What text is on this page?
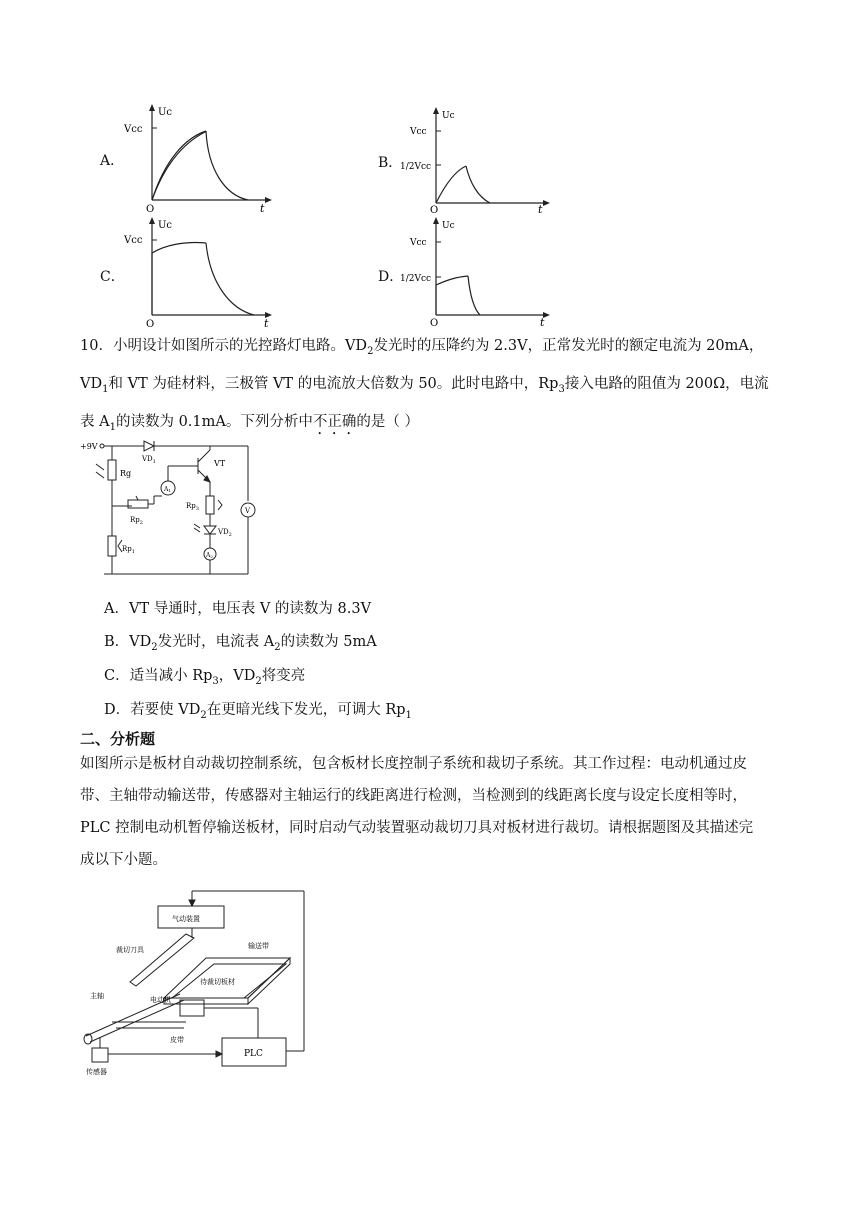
A．
Uc
Vcc
O	t
B．
Uc
Vcc
1/2Vcc
O	t
C．
Uc
Vcc
O	t
D．
Uc
Vcc
1/2Vcc
O	t
10．小明设计如图所示的光控路灯电路。$VD_2$发光时的压降约为 2.3V，正常发光时的额定电流为 20mA，
$VD_1$和 VT 为硅材料，三极管 VT 的电流放大倍数为 50。此时电路中，$Rp_3$接入电路的阻值为 200Ω，电流
表 $A_1$的读数为 0.1mA。下列分析中不正确的是（ ）
+9V
Rg
$VD_1$	VT
A1
$Rp_2$
$Rp_3$
$VD_2$
A2
$Rp_1$
V
A．VT 导通时，电压表 V 的读数为 8.3V
B．$VD_2$发光时，电流表 $A_2$的读数为 5mA
C．适当减小 $Rp_3$，$VD_2$将变亮
D．若要使 $VD_2$在更暗光线下发光，可调大 $Rp_1$
二、分析题
如图所示是板材自动裁切控制系统，包含板材长度控制子系统和裁切子系统。其工作过程：电动机通过皮
带、主轴带动输送带，传感器对主轴运行的线距离进行检测，当检测到的线距离长度与设定长度相等时，
PLC 控制电动机暂停输送板材，同时启动气动装置驱动裁切刀具对板材进行裁切。请根据题图及其描述完
成以下小题。
气动装置
裁切刀具	输送带
待裁切板材
主轴	电动机
皮带
PLC
传感器
